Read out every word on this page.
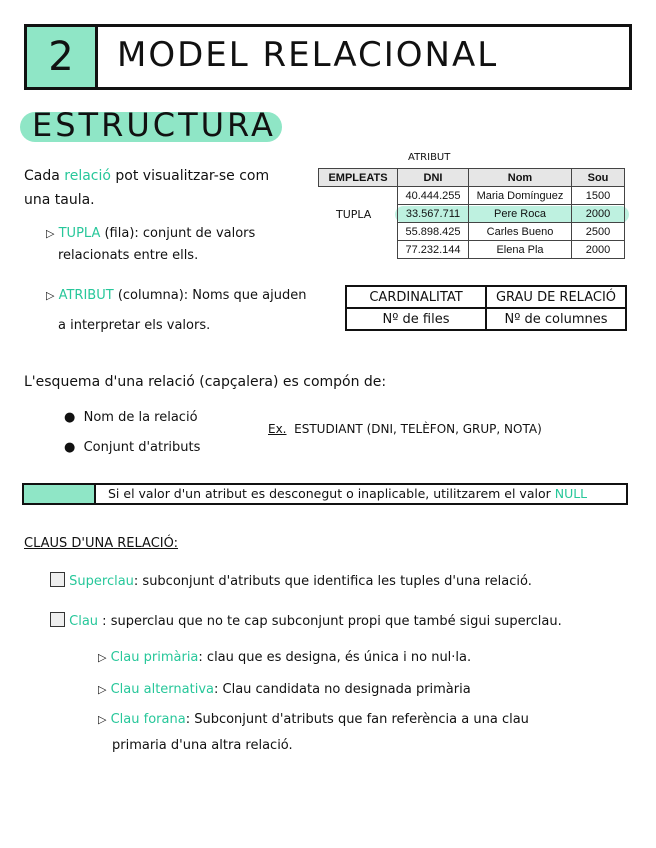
2	MODEL RELACIONAL
ESTRUCTURA
Cada relació pot visualitzar-se com
una taula.
▷ TUPLA (fila): conjunt de valors
relacionats entre ells.
▷ ATRIBUT (columna): Noms que ajuden
a interpretar els valors.
ATRIBUT
TUPLA
EMPLEATS	DNI	Nom	Sou
	40.444.255	Maria Domínguez	1500
	33.567.711	Pere Roca	2000
	55.898.425	Carles Bueno	2500
	77.232.144	Elena Pla	2000
CARDINALITAT	GRAU DE RELACIÓ
Nº de files	Nº de columnes
L'esquema d'una relació (capçalera) es compón de:
● Nom de la relació
● Conjunt d'atributs
Ex. ESTUDIANT (DNI, TELÈFON, GRUP, NOTA)
Si el valor d'un atribut es desconegut o inaplicable, utilitzarem el valor NULL
CLAUS D'UNA RELACIÓ:
Superclau: subconjunt d'atributs que identifica les tuples d'una relació.
Clau : superclau que no te cap subconjunt propi que també sigui superclau.
▷ Clau primària: clau que es designa, és única i no nul·la.
▷ Clau alternativa: Clau candidata no designada primària
▷ Clau forana: Subconjunt d'atributs que fan referència a una clau
primaria d'una altra relació.
